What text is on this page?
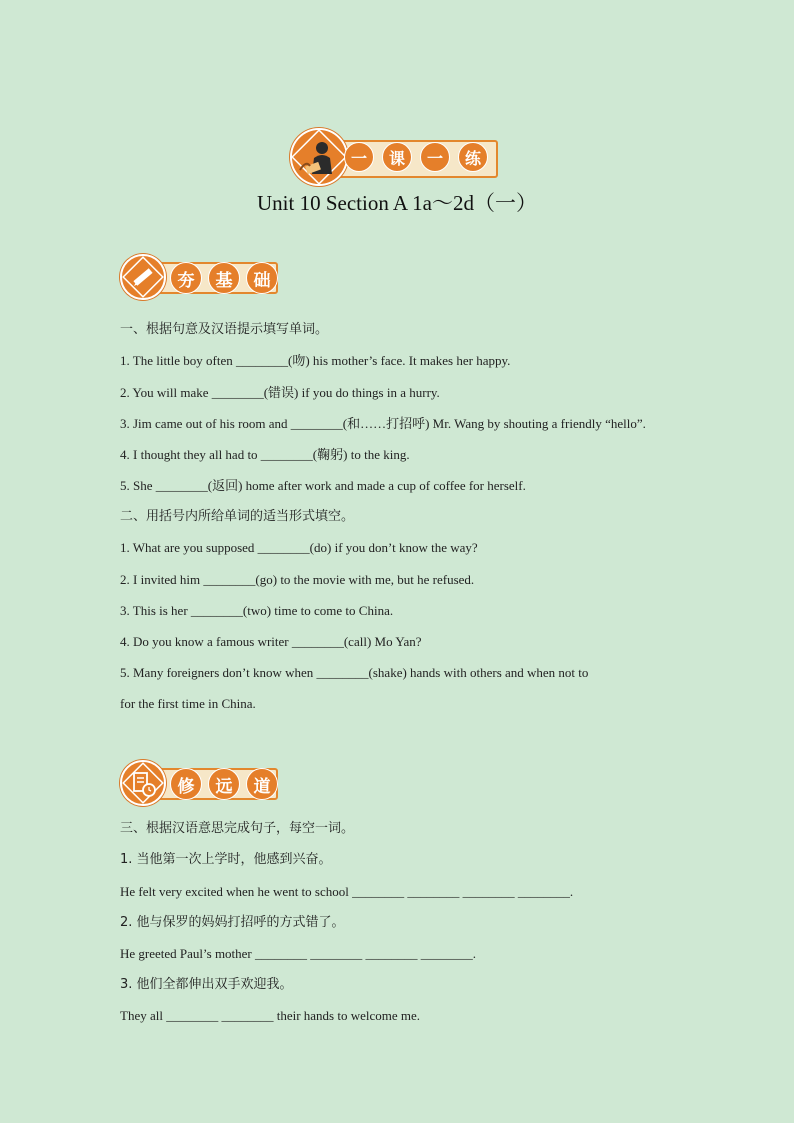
一	课	一	练
Unit 10 Section A 1a～2d（一）
夯	基	础
一、根据句意及汉语提示填写单词。
1. The little boy often ________(吻) his mother’s face. It makes her happy.
2. You will make ________(错误) if you do things in a hurry.
3. Jim came out of his room and ________(和……打招呼) Mr. Wang by shouting a friendly “hello”.
4. I thought they all had to ________(鞠躬) to the king.
5. She ________(返回) home after work and made a cup of coffee for herself.
二、用括号内所给单词的适当形式填空。
1. What are you supposed ________(do) if you don’t know the way?
2. I invited him ________(go) to the movie with me, but he refused.
3. This is her ________(two) time to come to China.
4. Do you know a famous writer ________(call) Mo Yan?
5. Many foreigners don’t know when ________(shake) hands with others and when not to
for the first time in China.
修	远	道
三、根据汉语意思完成句子，每空一词。
1. 当他第一次上学时，他感到兴奋。
He felt very excited when he went to school ________ ________ ________ ________.
2. 他与保罗的妈妈打招呼的方式错了。
He greeted Paul’s mother ________ ________ ________ ________.
3. 他们全都伸出双手欢迎我。
They all ________ ________ their hands to welcome me.
